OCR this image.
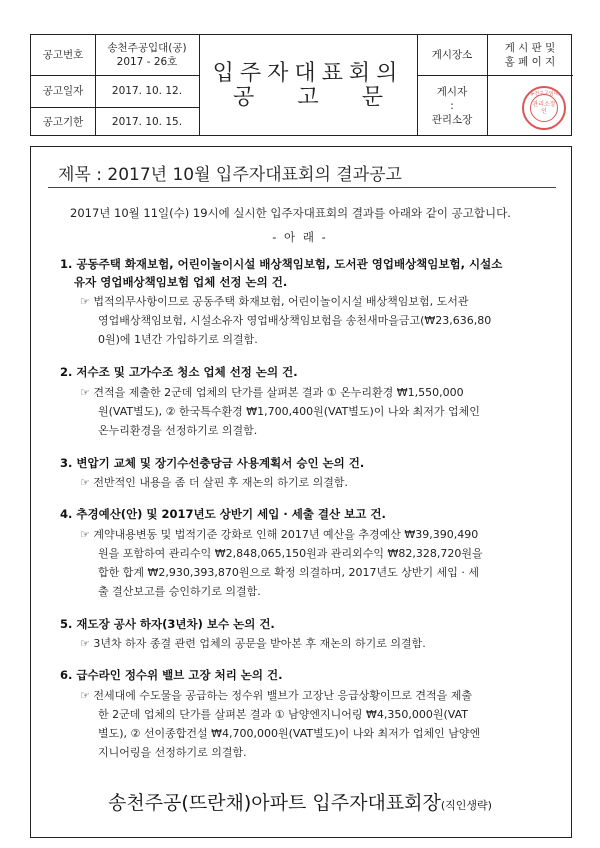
공고번호
송천주공입대(공)
2017 - 26호
공고일자	2017. 10. 12.
공고기한	2017. 10. 15.
입주자대표회의
공 고 문
게시장소
게 시 판 및
홈 페 이 지
게시자
:
관리소장
송천주공임대
관리소장인
제목 : 2017년 10월 입주자대표회의 결과공고
2017년 10월 11일(수) 19시에 실시한 입주자대표회의 결과를 아래와 같이 공고합니다.
- 아 래 -
1. 공동주택 화재보험, 어린이놀이시설 배상책임보험, 도서관 영업배상책임보험, 시설소
유자 영업배상책임보험 업체 선정 논의 건.
☞ 법적의무사항이므로 공동주택 화재보험, 어린이놀이시설 배상책임보험, 도서관
영업배상책임보험, 시설소유자 영업배상책임보험을 송천새마을금고(₩23,636,80
0원)에 1년간 가입하기로 의결함.
2. 저수조 및 고가수조 청소 업체 선정 논의 건.
☞ 견적을 제출한 2군데 업체의 단가를 살펴본 결과 ① 온누리환경 ₩1,550,000
원(VAT별도), ② 한국특수환경 ₩1,700,400원(VAT별도)이 나와 최저가 업체인
온누리환경을 선정하기로 의결함.
3. 변압기 교체 및 장기수선충당금 사용계획서 승인 논의 건.
☞ 전반적인 내용을 좀 더 살핀 후 재논의 하기로 의결함.
4. 추경예산(안) 및 2017년도 상반기 세입 · 세출 결산 보고 건.
☞ 계약내용변동 및 법적기준 강화로 인해 2017년 예산을 추경예산 ₩39,390,490
원을 포함하여 관리수익 ₩2,848,065,150원과 관리외수익 ₩82,328,720원을
합한 합계 ₩2,930,393,870원으로 확정 의결하며, 2017년도 상반기 세입 · 세
출 결산보고를 승인하기로 의결함.
5. 재도장 공사 하자(3년차) 보수 논의 건.
☞ 3년차 하자 종결 관련 업체의 공문을 받아본 후 재논의 하기로 의결함.
6. 급수라인 정수위 밸브 고장 처리 논의 건.
☞ 전세대에 수도물을 공급하는 정수위 밸브가 고장난 응급상황이므로 견적을 제출
한 2군데 업체의 단가를 살펴본 결과 ① 남양엔지니어링 ₩4,350,000원(VAT
별도), ② 선이종합건설 ₩4,700,000원(VAT별도)이 나와 최저가 업체인 남양엔
지니어링을 선정하기로 의결함.
송천주공(뜨란채)아파트 입주자대표회장(직인생략)
